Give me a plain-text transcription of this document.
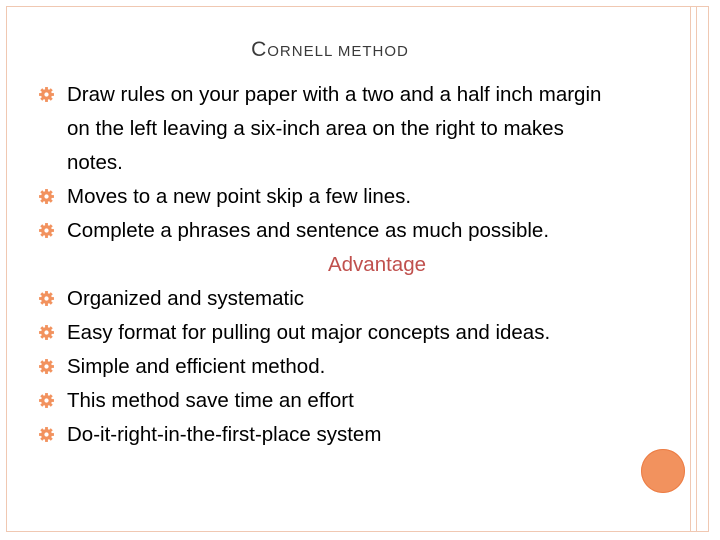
CORNELL METHOD
Draw rules on your paper with a two and a half inch margin on the left leaving a six-inch area on the right to makes notes.
Moves to a new point skip a few lines.
Complete a phrases and sentence as much possible.

Advantage

Organized and systematic
Easy format for pulling out major concepts and ideas.
Simple and efficient method.
This method save time an effort
Do-it-right-in-the-first-place system
